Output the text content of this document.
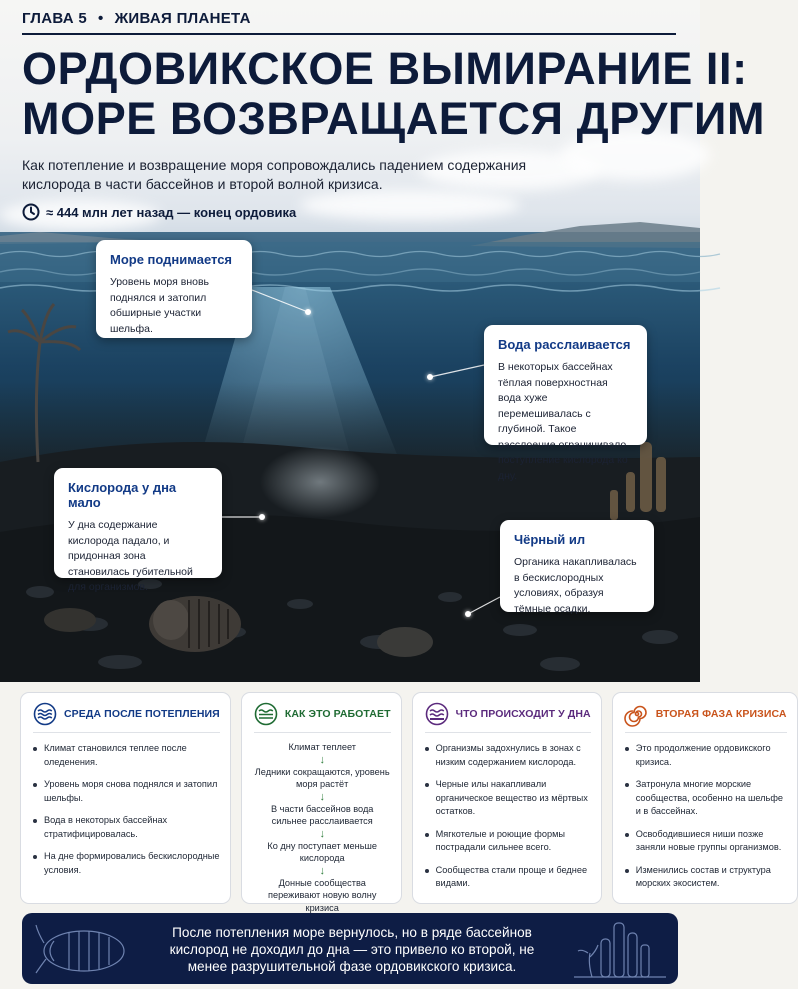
ГЛАВА 5 • ЖИВАЯ ПЛАНЕТА
ОРДОВИКСКОЕ ВЫМИРАНИЕ II:
МОРЕ ВОЗВРАЩАЕТСЯ ДРУГИМ

Как потепление и возвращение моря сопровождались падением содержания кислорода в части бассейнов и второй волной кризиса.

≈ 444 млн лет назад — конец ордовика
Море поднимается

Уровень моря вновь поднялся и затопил обширные участки шельфа.

Вода расслаивается

В некоторых бассейнах тёплая поверхностная вода хуже перемешивалась с глубиной. Такое расслоение ограничивало поступление кислорода ко дну.

Кислорода у дна мало

У дна содержание кислорода падало, и придонная зона становилась губительной для организмов.

Чёрный ил

Органика накапливалась в бескислородных условиях, образуя тёмные осадки.

СРЕДА ПОСЛЕ ПОТЕПЛЕНИЯ
Климат становился теплее после оледенения.
Уровень моря снова поднялся и затопил шельфы.
Вода в некоторых бассейнах стратифицировалась.
На дне формировались бескислородные условия.
КАК ЭТО РАБОТАЕТ
Климат теплеет
↓
Ледники сокращаются, уровень моря растёт
↓
В части бассейнов вода сильнее расслаивается
↓
Ко дну поступает меньше кислорода
↓
Донные сообщества переживают новую волну кризиса
ЧТО ПРОИСХОДИТ У ДНА
Организмы задохнулись в зонах с низким содержанием кислорода.
Черные илы накапливали органическое вещество из мёртвых остатков.
Мягкотелые и роющие формы пострадали сильнее всего.
Сообщества стали проще и беднее видами.
ВТОРАЯ ФАЗА КРИЗИСА
Это продолжение ордовикского кризиса.
Затронула многие морские сообщества, особенно на шельфе и в бассейнах.
Освободившиеся ниши позже заняли новые группы организмов.
Изменились состав и структура морских экосистем.

После потепления море вернулось, но в ряде бассейнов кислород не доходил до дна — это привело ко второй, не менее разрушительной фазе ордовикского кризиса.
